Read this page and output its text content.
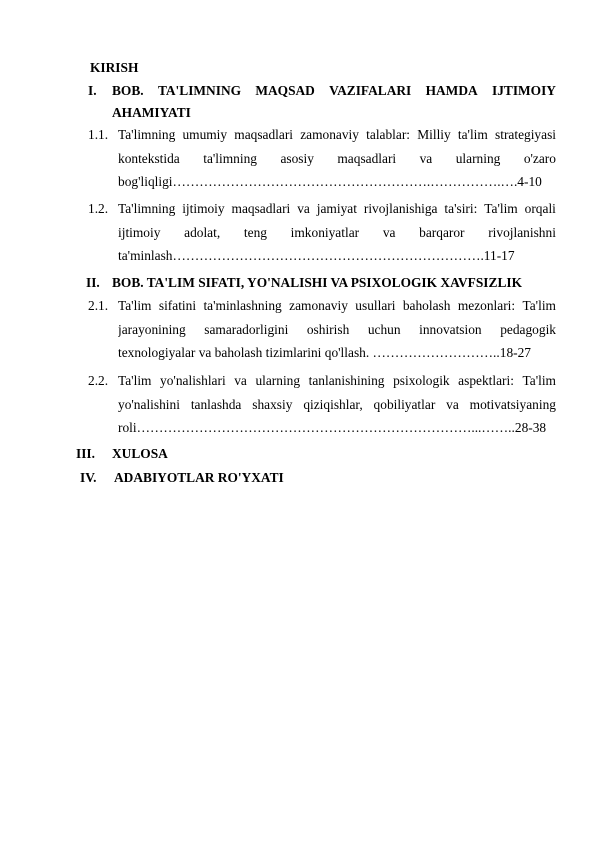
KIRISH
I. BOB. TA'LIMNING MAQSAD VAZIFALARI HAMDA IJTIMOIY
AHAMIYATI
1.1. Ta'limning umumiy maqsadlari zamonaviy talablar: Milliy ta'lim strategiyasi
kontekstida ta'limning asosiy maqsadlari va ularning o'zaro
bog'liqligi………………………………………………….…………….….4-10
1.2. Ta'limning ijtimoiy maqsadlari va jamiyat rivojlanishiga ta'siri: Ta'lim orqali
ijtimoiy adolat, teng imkoniyatlar va barqaror rivojlanishni
ta'minlash…………………………………………………………….11-17
II. BOB. TA'LIM SIFATI, YO'NALISHI VA PSIXOLOGIK XAVFSIZLIK
2.1. Ta'lim sifatini ta'minlashning zamonaviy usullari baholash mezonlari: Ta'lim
jarayonining samaradorligini oshirish uchun innovatsion pedagogik
texnologiyalar va baholash tizimlarini qo'llash. ………………………..18-27
2.2. Ta'lim yo'nalishlari va ularning tanlanishining psixologik aspektlari: Ta'lim
yo'nalishini tanlashda shaxsiy qiziqishlar, qobiliyatlar va motivatsiyaning
roli…………………………………………………………………...……..28-38
III. XULOSA
IV. ADABIYOTLAR RO'YXATI
